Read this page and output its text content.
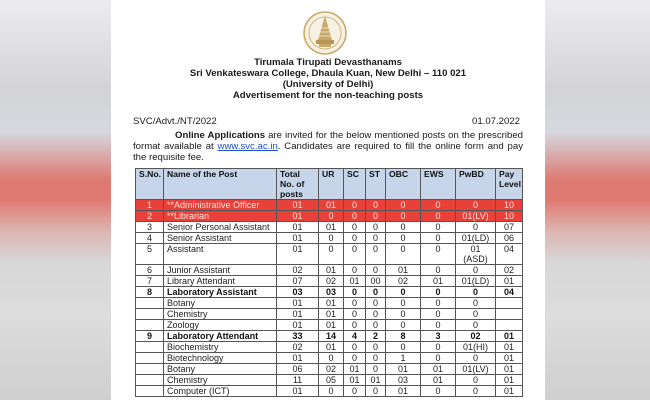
Tirumala Tirupati Devasthanams
Sri Venkateswara College, Dhaula Kuan, New Delhi – 110 021
(University of Delhi)
Advertisement for the non-teaching posts
SVC/Advt./NT/2022	01.07.2022
Online Applications are invited for the below mentioned posts on the prescribed format available at www.svc.ac.in. Candidates are required to fill the online form and pay the requisite fee.
S.No.	Name of the Post	Total No. of posts	UR	SC	ST	OBC	EWS	PwBD	Pay Level
1	**Administrative Officer	01	01	0	0	0	0	0	10
2	**Librarian	01	0	0	0	0	0	01(LV)	10
3	Senior Personal Assistant	01	01	0	0	0	0	0	07
4	Senior Assistant	01	0	0	0	0	0	01(LD)	06
5	Assistant	01	0	0	0	0	0	01 (ASD)	04
6	Junior Assistant	02	01	0	0	01	0	0	02
7	Library Attendant	07	02	01	00	02	01	01(LD)	01
8	Laboratory Assistant	03	03	0	0	0	0	0	04
	Botany	01	01	0	0	0	0	0	
	Chemistry	01	01	0	0	0	0	0	
	Zoology	01	01	0	0	0	0	0	
9	Laboratory Attendant	33	14	4	2	8	3	02	01
	Biochemistry	02	01	0	0	0	0	01(HI)	01
	Biotechnology	01	0	0	0	1	0	0	01
	Botany	06	02	01	0	01	01	01(LV)	01
	Chemistry	11	05	01	01	03	01	0	01
	Computer (ICT)	01	0	0	0	01	0	0	01
